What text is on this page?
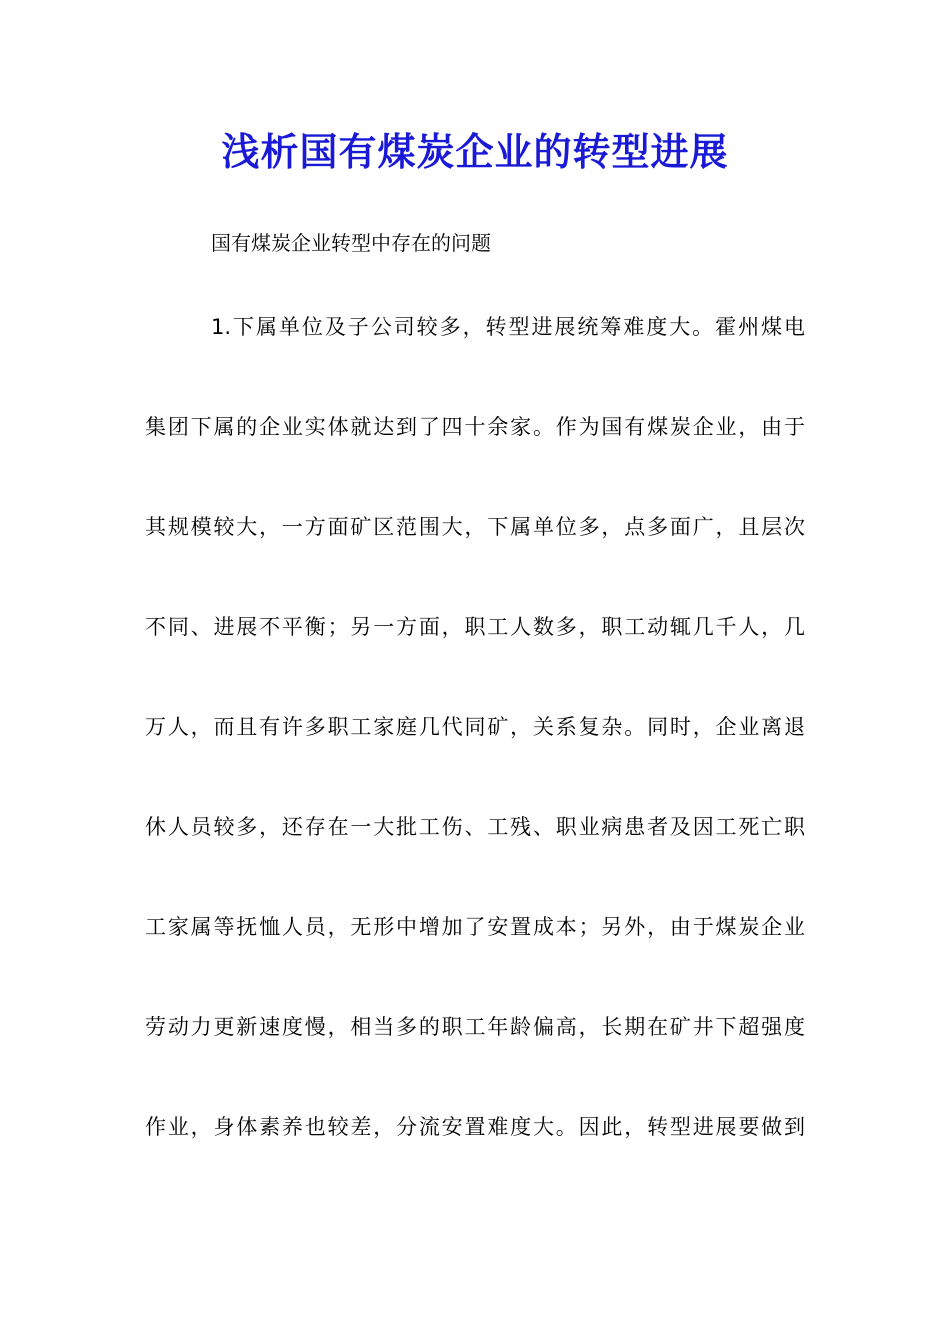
浅析国有煤炭企业的转型进展

国有煤炭企业转型中存在的问题

1.下属单位及子公司较多，转型进展统筹难度大。霍州煤电
集团下属的企业实体就达到了四十余家。作为国有煤炭企业，由于
其规模较大，一方面矿区范围大，下属单位多，点多面广，且层次
不同、进展不平衡；另一方面，职工人数多，职工动辄几千人，几
万人，而且有许多职工家庭几代同矿，关系复杂。同时，企业离退
休人员较多，还存在一大批工伤、工残、职业病患者及因工死亡职
工家属等抚恤人员，无形中增加了安置成本；另外，由于煤炭企业
劳动力更新速度慢，相当多的职工年龄偏高，长期在矿井下超强度
作业，身体素养也较差，分流安置难度大。因此，转型进展要做到
